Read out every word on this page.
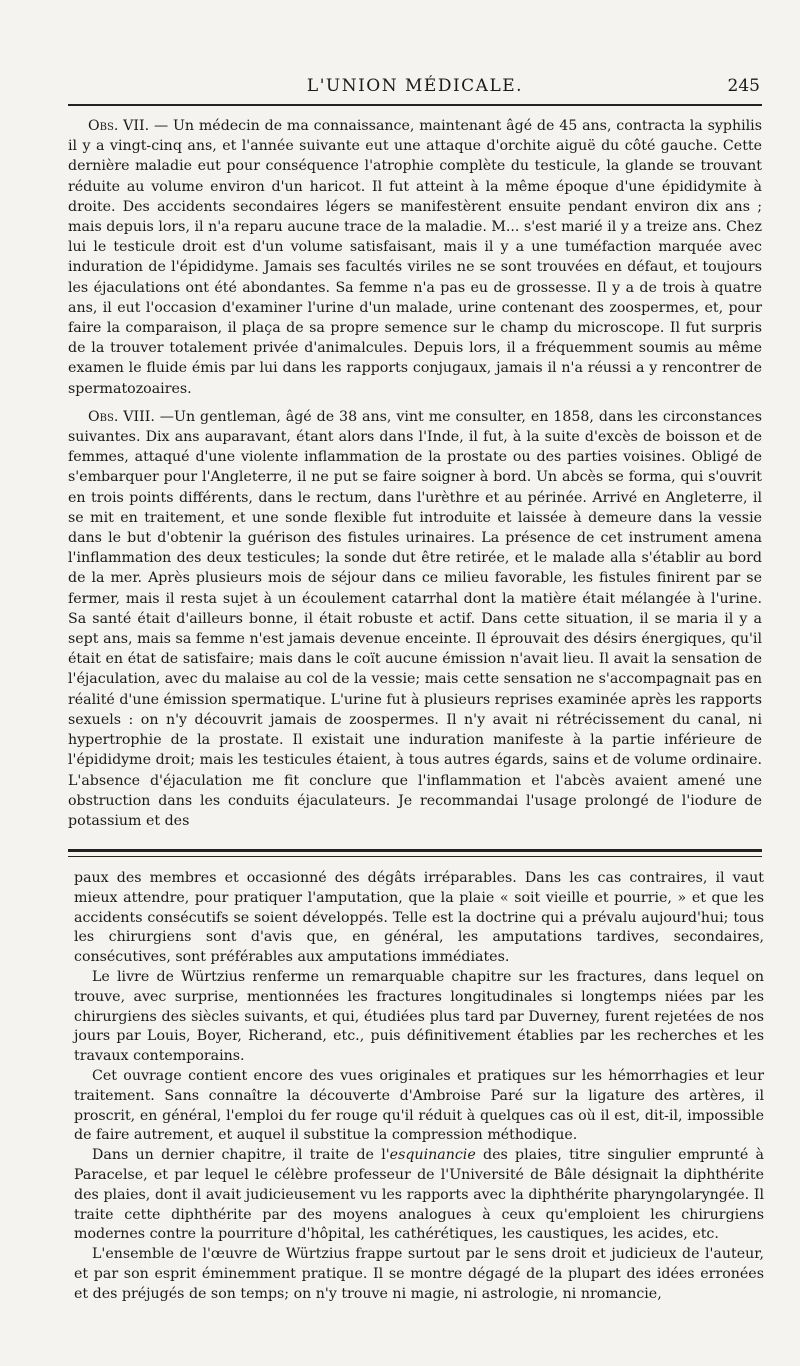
L'UNION MÉDICALE.	245

Obs. VII. — Un médecin de ma connaissance, maintenant âgé de 45 ans, contracta la syphilis il y a vingt-cinq ans, et l'année suivante eut une attaque d'orchite aiguë du côté gauche. Cette dernière maladie eut pour conséquence l'atrophie complète du testicule, la glande se trouvant réduite au volume environ d'un haricot. Il fut atteint à la même époque d'une épididymite à droite. Des accidents secondaires légers se manifestèrent ensuite pendant environ dix ans ; mais depuis lors, il n'a reparu aucune trace de la maladie. M... s'est marié il y a treize ans. Chez lui le testicule droit est d'un volume satisfaisant, mais il y a une tuméfaction marquée avec induration de l'épididyme. Jamais ses facultés viriles ne se sont trouvées en défaut, et toujours les éjaculations ont été abondantes. Sa femme n'a pas eu de grossesse. Il y a de trois à quatre ans, il eut l'occasion d'examiner l'urine d'un malade, urine contenant des zoospermes, et, pour faire la comparaison, il plaça de sa propre semence sur le champ du microscope. Il fut surpris de la trouver totalement privée d'animalcules. Depuis lors, il a fréquemment soumis au même examen le fluide émis par lui dans les rapports conjugaux, jamais il n'a réussi a y rencontrer de spermatozoaires.

Obs. VIII. —Un gentleman, âgé de 38 ans, vint me consulter, en 1858, dans les circonstances suivantes. Dix ans auparavant, étant alors dans l'Inde, il fut, à la suite d'excès de boisson et de femmes, attaqué d'une violente inflammation de la prostate ou des parties voisines. Obligé de s'embarquer pour l'Angleterre, il ne put se faire soigner à bord. Un abcès se forma, qui s'ouvrit en trois points différents, dans le rectum, dans l'urèthre et au périnée. Arrivé en Angleterre, il se mit en traitement, et une sonde flexible fut introduite et laissée à demeure dans la vessie dans le but d'obtenir la guérison des fistules urinaires. La présence de cet instrument amena l'inflammation des deux testicules; la sonde dut être retirée, et le malade alla s'établir au bord de la mer. Après plusieurs mois de séjour dans ce milieu favorable, les fistules finirent par se fermer, mais il resta sujet à un écoulement catarrhal dont la matière était mélangée à l'urine. Sa santé était d'ailleurs bonne, il était robuste et actif. Dans cette situation, il se maria il y a sept ans, mais sa femme n'est jamais devenue enceinte. Il éprouvait des désirs énergiques, qu'il était en état de satisfaire; mais dans le coït aucune émission n'avait lieu. Il avait la sensation de l'éjaculation, avec du malaise au col de la vessie; mais cette sensation ne s'accompagnait pas en réalité d'une émission spermatique. L'urine fut à plusieurs reprises examinée après les rapports sexuels : on n'y découvrit jamais de zoospermes. Il n'y avait ni rétrécissement du canal, ni hypertrophie de la prostate. Il existait une induration manifeste à la partie inférieure de l'épididyme droit; mais les testicules étaient, à tous autres égards, sains et de volume ordinaire. L'absence d'éjaculation me fit conclure que l'inflammation et l'abcès avaient amené une obstruction dans les conduits éjaculateurs. Je recommandai l'usage prolongé de l'iodure de potassium et des

paux des membres et occasionné des dégâts irréparables. Dans les cas contraires, il vaut mieux attendre, pour pratiquer l'amputation, que la plaie « soit vieille et pourrie, » et que les accidents consécutifs se soient développés. Telle est la doctrine qui a prévalu aujourd'hui; tous les chirurgiens sont d'avis que, en général, les amputations tardives, secondaires, consécutives, sont préférables aux amputations immédiates.

Le livre de Würtzius renferme un remarquable chapitre sur les fractures, dans lequel on trouve, avec surprise, mentionnées les fractures longitudinales si longtemps niées par les chirurgiens des siècles suivants, et qui, étudiées plus tard par Duverney, furent rejetées de nos jours par Louis, Boyer, Richerand, etc., puis définitivement établies par les recherches et les travaux contemporains.

Cet ouvrage contient encore des vues originales et pratiques sur les hémorrhagies et leur traitement. Sans connaître la découverte d'Ambroise Paré sur la ligature des artères, il proscrit, en général, l'emploi du fer rouge qu'il réduit à quelques cas où il est, dit-il, impossible de faire autrement, et auquel il substitue la compression méthodique.

Dans un dernier chapitre, il traite de l'esquinancie des plaies, titre singulier emprunté à Paracelse, et par lequel le célèbre professeur de l'Université de Bâle désignait la diphthérite des plaies, dont il avait judicieusement vu les rapports avec la diphthérite pharyngolaryngée. Il traite cette diphthérite par des moyens analogues à ceux qu'emploient les chirurgiens modernes contre la pourriture d'hôpital, les cathérétiques, les caustiques, les acides, etc.

L'ensemble de l'œuvre de Würtzius frappe surtout par le sens droit et judicieux de l'auteur, et par son esprit éminemment pratique. Il se montre dégagé de la plupart des idées erronées et des préjugés de son temps; on n'y trouve ni magie, ni astrologie, ni nromancie,
